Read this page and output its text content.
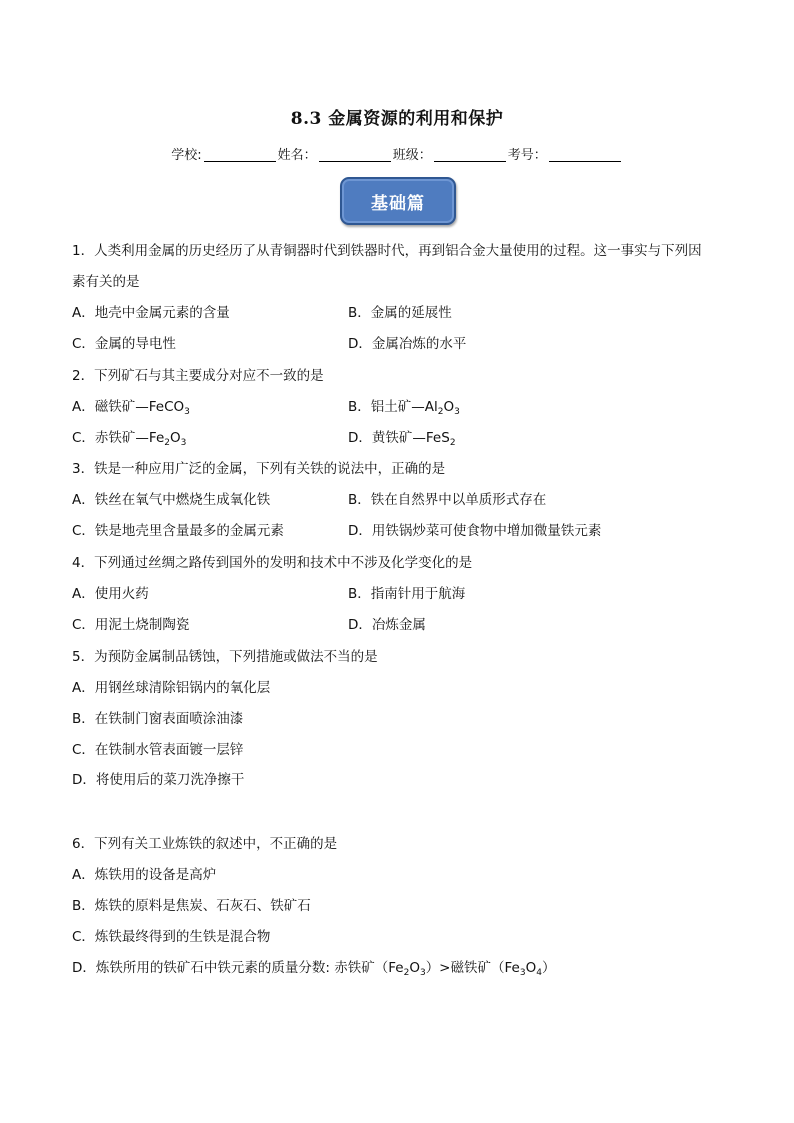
8.3 金属资源的利用和保护
学校:	姓名：	班级：	考号：
基础篇
1．人类利用金属的历史经历了从青铜器时代到铁器时代，再到铝合金大量使用的过程。这一事实与下列因
素有关的是
A．地壳中金属元素的含量	B．金属的延展性
C．金属的导电性	D．金属冶炼的水平
2．下列矿石与其主要成分对应不一致的是
A．磁铁矿—FeCO$_3$	B．铝土矿$—Al_2O_3$
C．赤铁矿$—Fe_2O_3$	D．黄铁矿—FeS$_2$
3．铁是一种应用广泛的金属，下列有关铁的说法中，正确的是
A．铁丝在氧气中燃烧生成氧化铁	B．铁在自然界中以单质形式存在
C．铁是地壳里含量最多的金属元素	D．用铁锅炒菜可使食物中增加微量铁元素
4．下列通过丝绸之路传到国外的发明和技术中不涉及化学变化的是
A．使用火药	B．指南针用于航海
C．用泥土烧制陶瓷	D．冶炼金属
5．为预防金属制品锈蚀，下列措施或做法不当的是
A．用钢丝球清除铝锅内的氧化层
B．在铁制门窗表面喷涂油漆
C．在铁制水管表面镀一层锌
D．将使用后的菜刀洗净擦干
6．下列有关工业炼铁的叙述中，不正确的是
A．炼铁用的设备是高炉
B．炼铁的原料是焦炭、石灰石、铁矿石
C．炼铁最终得到的生铁是混合物
D．炼铁所用的铁矿石中铁元素的质量分数: 赤铁矿$(Fe_2O_3)>$磁铁矿$(Fe_3O_4)$
